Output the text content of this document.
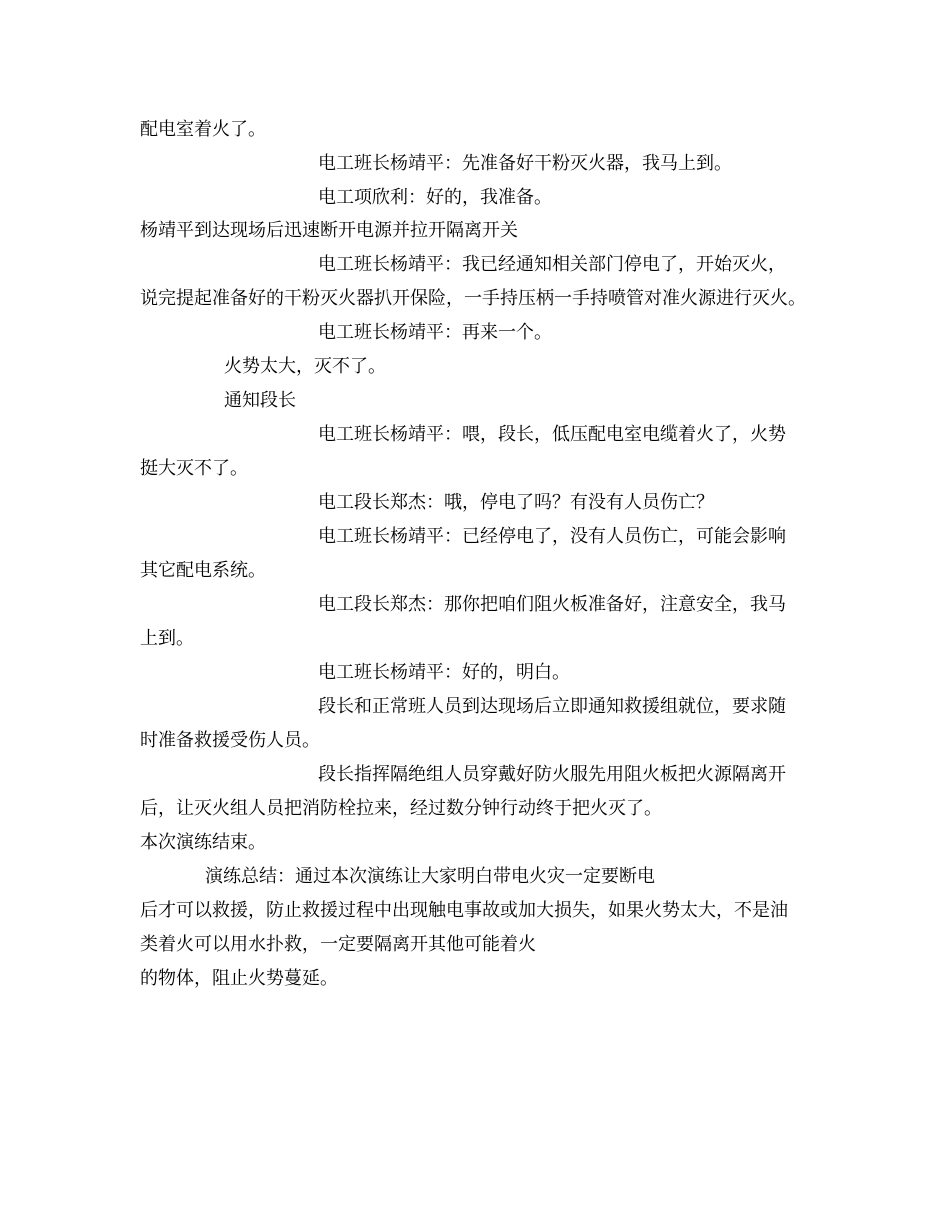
配电室着火了。
电工班长杨靖平：先准备好干粉灭火器，我马上到。
电工项欣利：好的，我准备。
杨靖平到达现场后迅速断开电源并拉开隔离开关
电工班长杨靖平：我已经通知相关部门停电了，开始灭火，
说完提起准备好的干粉灭火器扒开保险，一手持压柄一手持喷管对准火源进行灭火。
电工班长杨靖平：再来一个。
火势太大，灭不了。
通知段长
电工班长杨靖平：喂，段长，低压配电室电缆着火了，火势
挺大灭不了。
电工段长郑杰：哦，停电了吗？有没有人员伤亡？
电工班长杨靖平：已经停电了，没有人员伤亡，可能会影响
其它配电系统。
电工段长郑杰：那你把咱们阻火板准备好，注意安全，我马
上到。
电工班长杨靖平：好的，明白。
段长和正常班人员到达现场后立即通知救援组就位，要求随
时准备救援受伤人员。
段长指挥隔绝组人员穿戴好防火服先用阻火板把火源隔离开
后，让灭火组人员把消防栓拉来，经过数分钟行动终于把火灭了。
本次演练结束。
演练总结：通过本次演练让大家明白带电火灾一定要断电
后才可以救援，防止救援过程中出现触电事故或加大损失，如果火势太大，不是油
类着火可以用水扑救，一定要隔离开其他可能着火
的物体，阻止火势蔓延。
